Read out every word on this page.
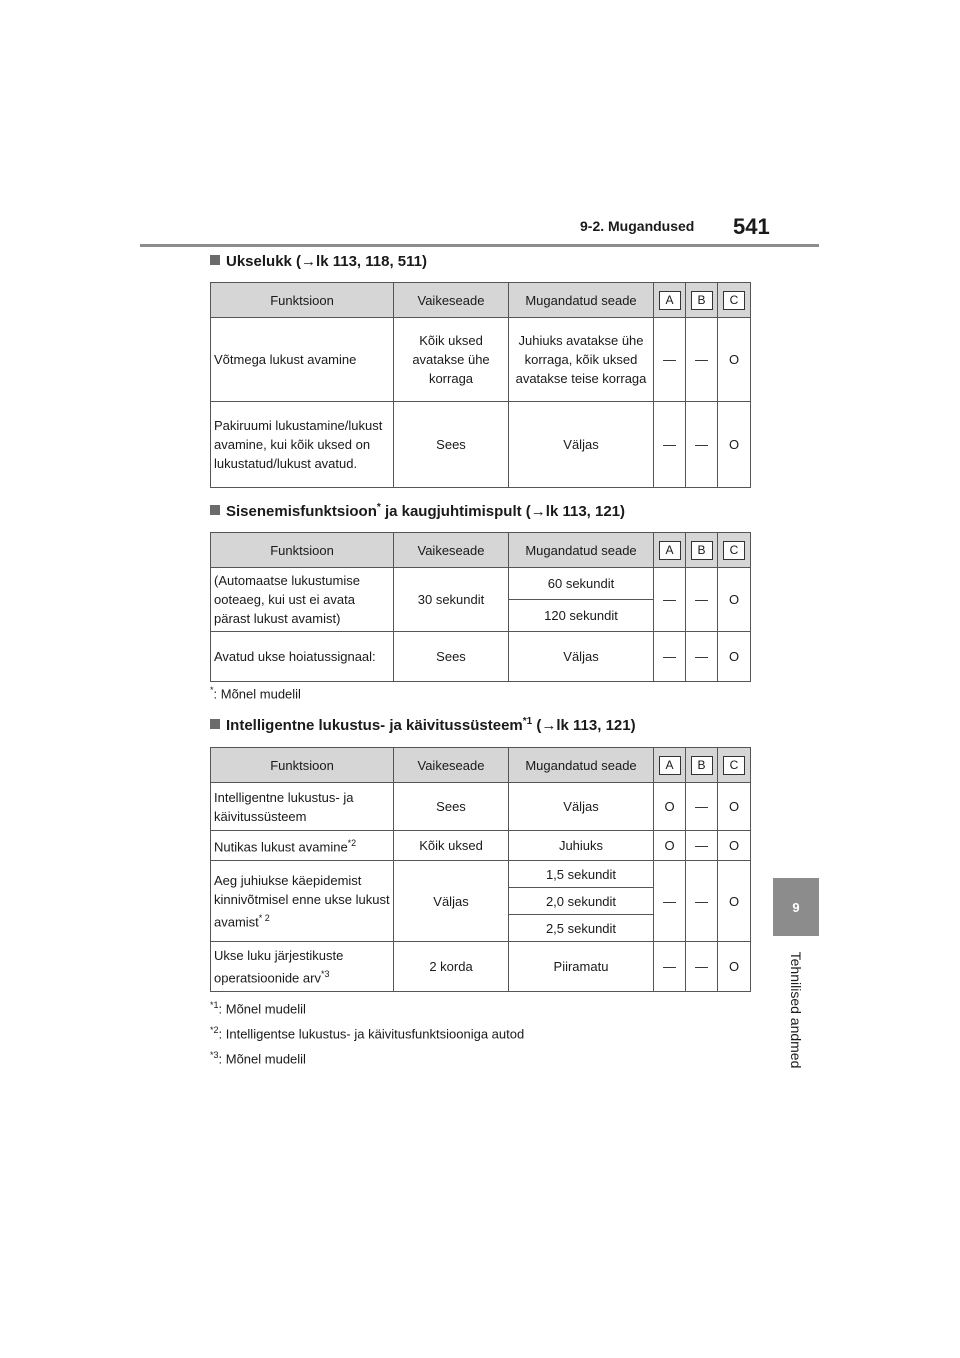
9-2. Mugandused 541
9
Tehnilised andmed
Ukselukk (→lk 113, 118, 511)
Funktsioon	Vaikeseade	Mugandatud seade	A	B	C
Võtmega lukust avamine	Kõik uksed avatakse ühe korraga	Juhiuks avatakse ühe korraga, kõik uksed avatakse teise korraga	—	—	O
Pakiruumi lukustamine/lukust avamine, kui kõik uksed on lukustatud/lukust avatud.	Sees	Väljas	—	—	O
Sisenemisfunktsioon* ja kaugjuhtimispult (→lk 113, 121)
Funktsioon	Vaikeseade	Mugandatud seade	A	B	C
(Automaatse lukustumise ooteaeg, kui ust ei avata pärast lukust avamist)	30 sekundit	60 sekundit	—	—	O
		120 sekundit			
Avatud ukse hoiatussignaal:	Sees	Väljas	—	—	O
*: Mõnel mudelil
Intelligentne lukustus- ja käivitussüsteem$^{*1}$ (→lk 113, 121)
Funktsioon	Vaikeseade	Mugandatud seade	A	B	C
Intelligentne lukustus- ja käivitussüsteem	Sees	Väljas	O	—	O
Nutikas lukust avamine$^{*2}$	Kõik uksed	Juhiuks	O	—	O
Aeg juhiukse käepidemist kinnivõtmisel enne ukse lukust avamist$^{* 2}$	Väljas	1,5 sekundit	—	—	O
		2,0 sekundit			
		2,5 sekundit			
Ukse luku järjestikuste operatsioonide arv$^{*3}$	2 korda	Piiramatu	—	—	O
$^{*1}$: Mõnel mudelil
$^{*2}$: Intelligentse lukustus- ja käivitusfunktsiooniga autod
$^{*3}$: Mõnel mudelil
